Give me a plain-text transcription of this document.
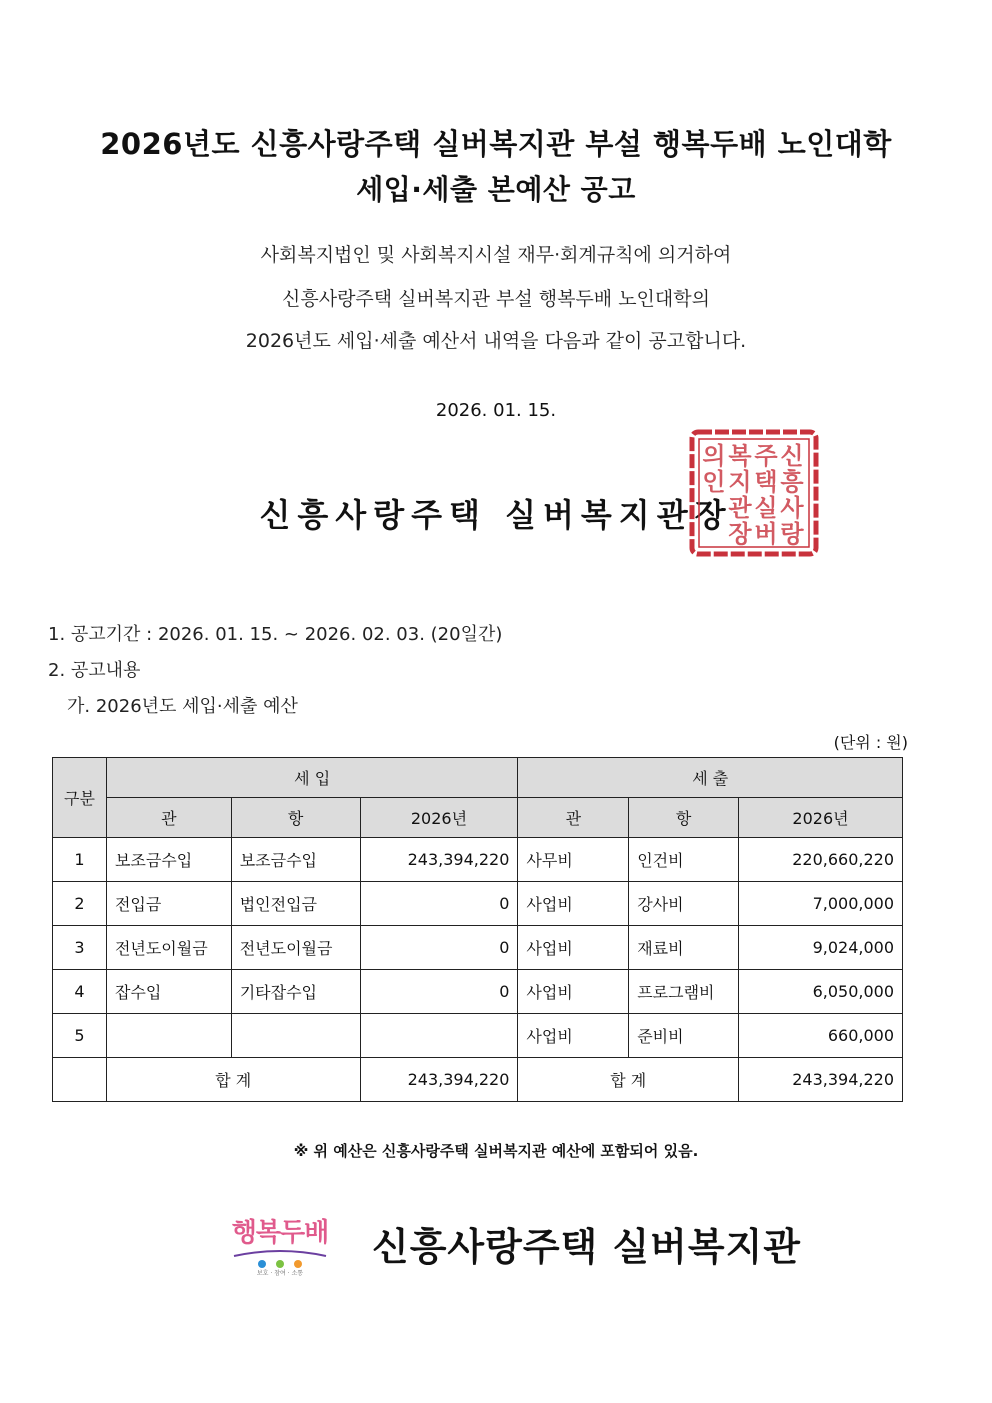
2026년도 신흥사랑주택 실버복지관 부설 행복두배 노인대학
세입·세출 본예산 공고
사회복지법인 및 사회복지시설 재무·회계규칙에 의거하여
신흥사랑주택 실버복지관 부설 행복두배 노인대학의
2026년도 세입·세출 예산서 내역을 다음과 같이 공고합니다.
2026. 01. 15.
신흥사랑주택 실버복지관장
신
흥
사
랑
주
택
실
버
복
지
관
장
의
인
1. 공고기간 : 2026. 01. 15. ~ 2026. 02. 03. (20일간)
2. 공고내용
가. 2026년도 세입·세출 예산
(단위 : 원)
구분	세 입			세 출		
	관	항	2026년	관	항	2026년
1	보조금수입	보조금수입	243,394,220	사무비	인건비	220,660,220
2	전입금	법인전입금	0	사업비	강사비	7,000,000
3	전년도이월금	전년도이월금	0	사업비	재료비	9,024,000
4	잡수입	기타잡수입	0	사업비	프로그램비	6,050,000
5				사업비	준비비	660,000
	합 계		243,394,220	합 계		243,394,220
※ 위 예산은 신흥사랑주택 실버복지관 예산에 포함되어 있음.
행복두배
보호 · 참여 · 소통
신흥사랑주택 실버복지관
